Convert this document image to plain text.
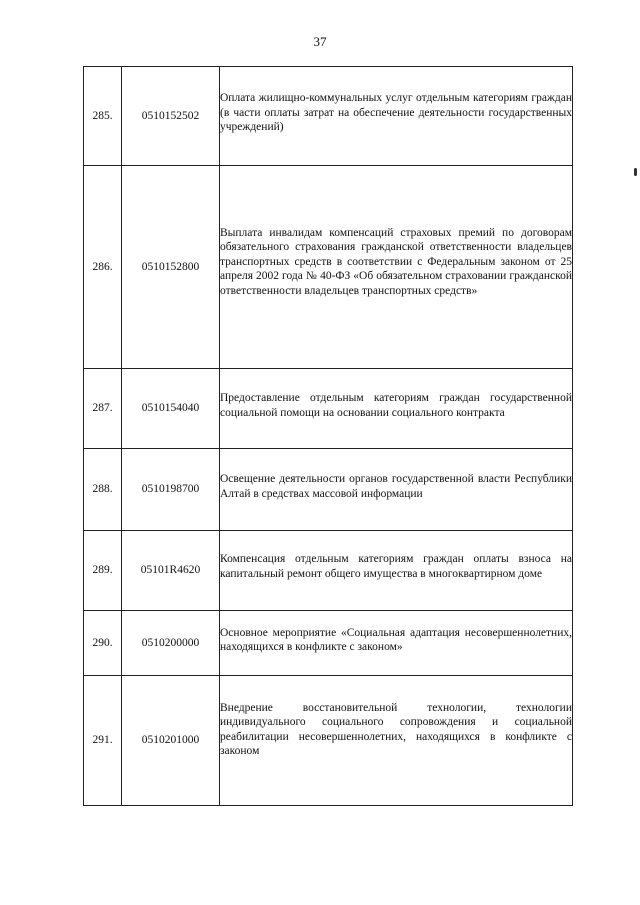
37
285.	0510152502	Оплата жилищно-коммунальных услуг отдельным категориям граждан (в части оплаты затрат на обеспечение деятельности государственных учреждений)

286.	0510152800	Выплата инвалидам компенсаций страховых премий по договорам обязательного страхования гражданской ответственности владельцев транспортных средств в соответствии с Федеральным законом от 25 апреля 2002 года № 40-ФЗ «Об обязательном страховании гражданской ответственности владельцев транспортных средств»

287.	0510154040	Предоставление отдельным категориям граждан государственной социальной помощи на основании социального контракта

288.	0510198700	Освещение деятельности органов государственной власти Республики Алтай в средствах массовой информации

289.	05101R4620	Компенсация отдельным категориям граждан оплаты взноса на капитальный ремонт общего имущества в многоквартирном доме

290.	0510200000	Основное мероприятие «Социальная адаптация несовершеннолетних, находящихся в конфликте с законом»

291.	0510201000	Внедрение восстановительной технологии, технологии индивидуального социального сопровождения и социальной реабилитации несовершеннолетних, находящихся в конфликте с законом
